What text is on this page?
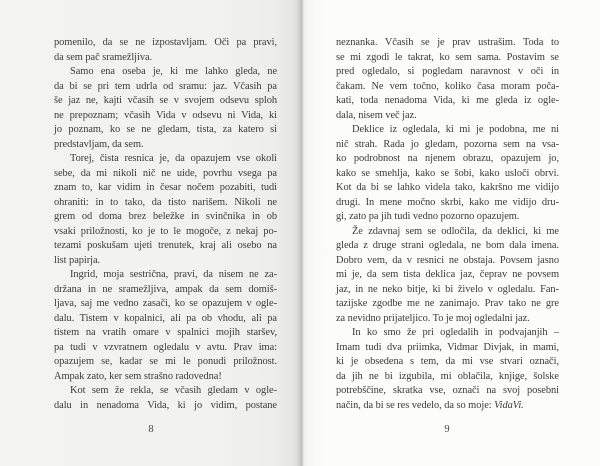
pomenilo, da se ne izpostavljam. Oči pa pravi,
da sem pač sramežljiva.
Samo ena oseba je, ki me lahko gleda, ne
da bi se pri tem udrla od sramu: jaz. Včasih pa
še jaz ne, kajti včasih se v svojem odsevu sploh
ne prepoznam; včasih Vida v odsevu ni Vida, ki
jo poznam, ko se ne gledam, tista, za katero si
predstavljam, da sem.
Torej, čista resnica je, da opazujem vse okoli
sebe, da mi nikoli nič ne uide, povrhu vsega pa
znam to, kar vidim in česar nočem pozabiti, tudi
ohraniti: in to tako, da tisto narišem. Nikoli ne
grem od doma brez beležke in svinčnika in ob
vsaki priložnosti, ko je to le mogoče, z nekaj po-
tezami poskušam ujeti trenutek, kraj ali osebo na
list papirja.
Ingrid, moja sestrična, pravi, da nisem ne za-
držana in ne sramežljiva, ampak da sem domiš-
ljava, saj me vedno zasači, ko se opazujem v ogle-
dalu. Tistem v kopalnici, ali pa ob vhodu, ali pa
tistem na vratih omare v spalnici mojih staršev,
pa tudi v vzvratnem ogledalu v avtu. Prav ima:
opazujem se, kadar se mi le ponudi priložnost.
Ampak zato, ker sem strašno radovedna!
Kot sem že rekla, se včasih gledam v ogle-
dalu in nenadoma Vida, ki jo vidim, postane
8
neznanka. Včasih se je prav ustrašim. Toda to
se mi zgodi le takrat, ko sem sama. Postavim se
pred ogledalo, si pogledam naravnost v oči in
čakam. Ne vem točno, koliko časa moram poča-
kati, toda nenadoma Vida, ki me gleda iz ogle-
dala, nisem več jaz.
Deklice iz ogledala, ki mi je podobna, me ni
nič strah. Rada jo gledam, pozorna sem na vsa-
ko podrobnost na njenem obrazu, opazujem jo,
kako se smehlja, kako se šobi, kako usloči obrvi.
Kot da bi se lahko videla tako, kakršno me vidijo
drugi. In mene močno skrbi, kako me vidijo dru-
gi, zato pa jih tudi vedno pozorno opazujem.
Že zdavnaj sem se odločila, da deklici, ki me
gleda z druge strani ogledala, ne bom dala imena.
Dobro vem, da v resnici ne obstaja. Povsem jasno
mi je, da sem tista deklica jaz, čeprav ne povsem
jaz, in ne neko bitje, ki bi živelo v ogledalu. Fan-
tazijske zgodbe me ne zanimajo. Prav tako ne gre
za nevidno prijateljico. To je moj ogledalni jaz.
In ko smo že pri ogledalih in podvajanjih –
Imam tudi dva priimka, Vidmar Divjak, in mami,
ki je obsedena s tem, da mi vse stvari označi,
da jih ne bi izgubila, mi oblačila, knjige, šolske
potrebščine, skratka vse, označi na svoj posebni
način, da bi se res vedelo, da so moje: VidaVi.
9
